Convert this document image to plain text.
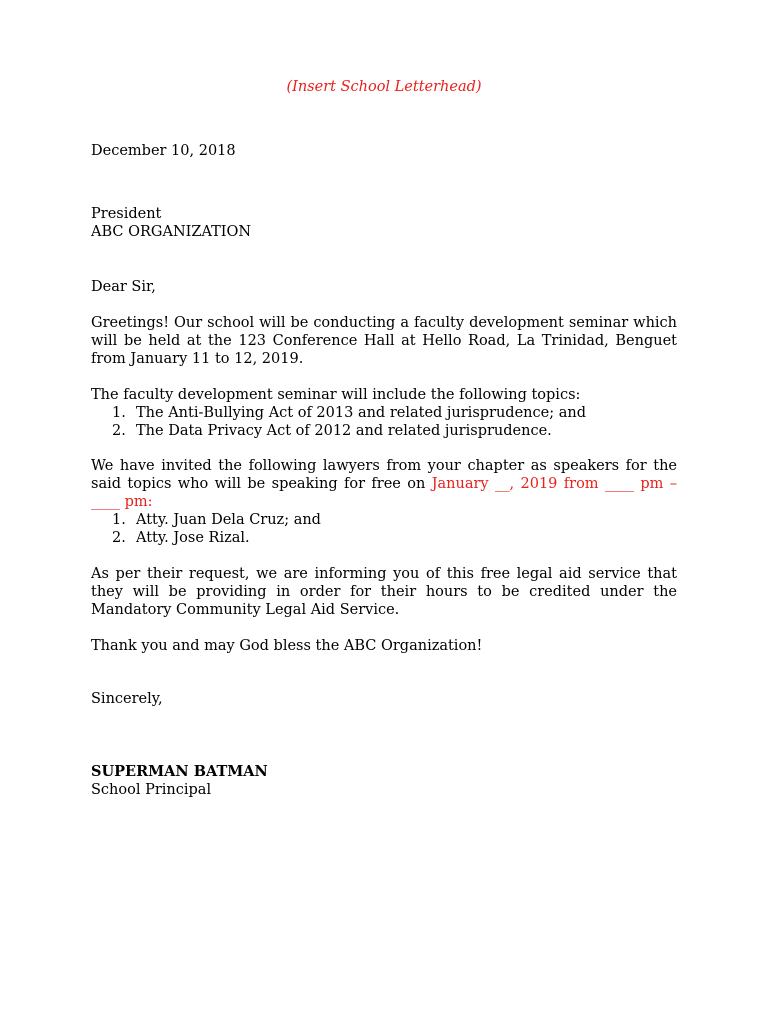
(Insert School Letterhead)
December 10, 2018
President
ABC ORGANIZATION
Dear Sir,
Greetings! Our school will be conducting a faculty development seminar which will be held at the 123 Conference Hall at Hello Road, La Trinidad, Benguet from January 11 to 12, 2019.
The faculty development seminar will include the following topics:
1. The Anti-Bullying Act of 2013 and related jurisprudence; and
2. The Data Privacy Act of 2012 and related jurisprudence.
We have invited the following lawyers from your chapter as speakers for the said topics who will be speaking for free on January __, 2019 from ____ pm – ____ pm:
1. Atty. Juan Dela Cruz; and
2. Atty. Jose Rizal.
As per their request, we are informing you of this free legal aid service that they will be providing in order for their hours to be credited under the Mandatory Community Legal Aid Service.
Thank you and may God bless the ABC Organization!
Sincerely,
SUPERMAN BATMAN
School Principal
